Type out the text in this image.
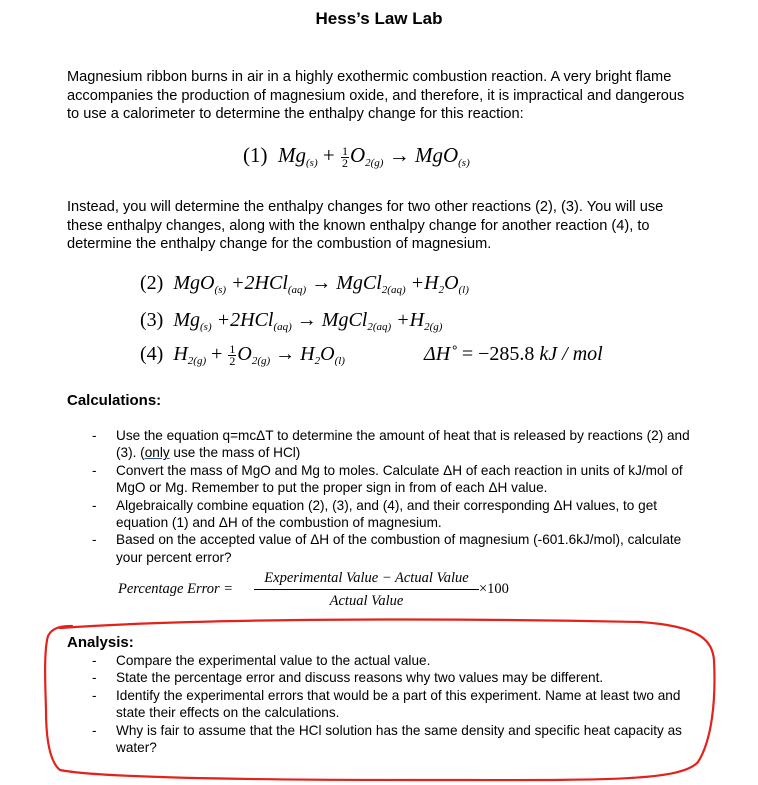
Hess’s Law Lab
Magnesium ribbon burns in air in a highly exothermic combustion reaction. A very bright flame accompanies the production of magnesium oxide, and therefore, it is impractical and dangerous to use a calorimeter to determine the enthalpy change for this reaction:
(1) $Mg_{(s)} + \frac{1}{2} O_{2(g)} \to MgO_{(s)}$
Instead, you will determine the enthalpy changes for two other reactions (2), (3). You will use these enthalpy changes, along with the known enthalpy change for another reaction (4), to determine the enthalpy change for the combustion of magnesium.
(2) MgO$_{(s)}$ +2HCl$_{(aq)}$ → MgCl$_{2(aq)}$ $+H_2O_{(l)}$
(3) $Mg_{(s)} +2HCl_{(aq)}$ → MgCl$_{2(aq)}$ $+H_{2(g)}$
(4) $H_{2(g)} + \frac{1}{2} O_{2(g)} \to H_2O_{(l)}$	ΔH˚ = −285.8 kJ / mol
Calculations:
- Use the equation q=mcΔT to determine the amount of heat that is released by reactions (2) and (3). (only use the mass of HCl)
- Convert the mass of MgO and Mg to moles. Calculate ΔH of each reaction in units of kJ/mol of MgO or Mg. Remember to put the proper sign in from of each ΔH value.
- Algebraically combine equation (2), (3), and (4), and their corresponding ΔH values, to get equation (1) and ΔH of the combustion of magnesium.
- Based on the accepted value of ΔH of the combustion of magnesium (-601.6kJ/mol), calculate your percent error?
Percentage Error =
Experimental Value − Actual Value
Actual Value
×100
Analysis:
- Compare the experimental value to the actual value.
- State the percentage error and discuss reasons why two values may be different.
- Identify the experimental errors that would be a part of this experiment. Name at least two and state their effects on the calculations.
- Why is fair to assume that the HCl solution has the same density and specific heat capacity as water?
